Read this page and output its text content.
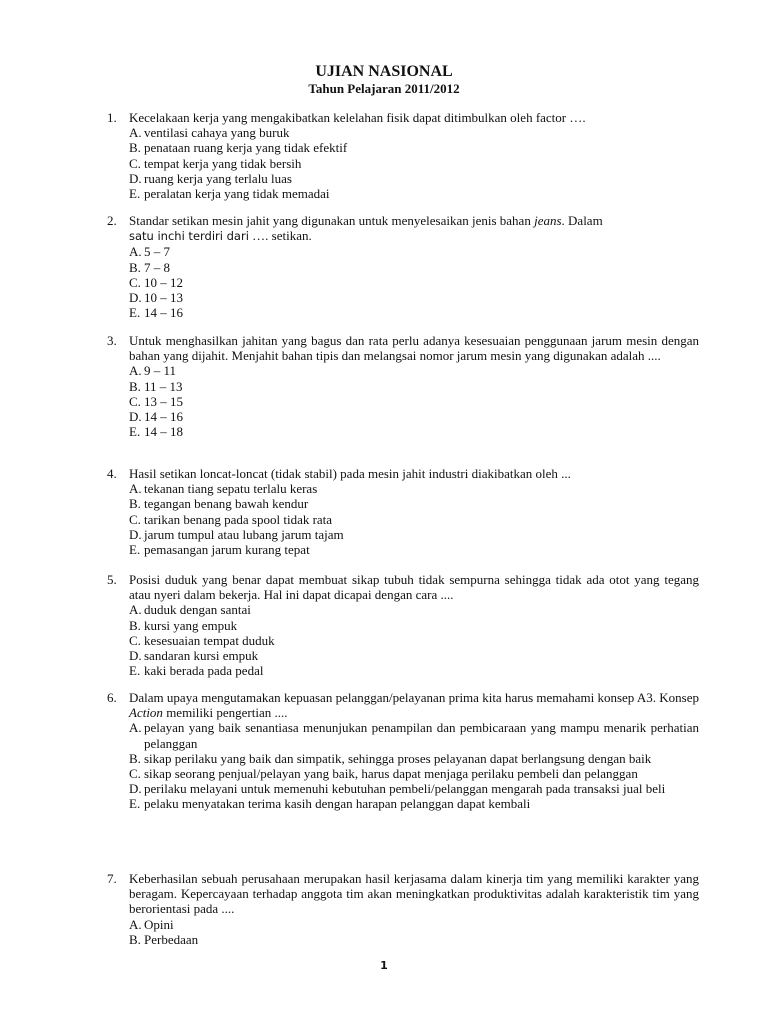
UJIAN NASIONAL
Tahun Pelajaran 2011/2012
1. Kecelakaan kerja yang mengakibatkan kelelahan fisik dapat ditimbulkan oleh factor ….
A. ventilasi cahaya yang buruk
B. penataan ruang kerja yang tidak efektif
C. tempat kerja yang tidak bersih
D. ruang kerja yang terlalu luas
E. peralatan kerja yang tidak memadai
2. Standar setikan mesin jahit yang digunakan untuk menyelesaikan jenis bahan jeans. Dalam
satu inchi terdiri dari …. setikan.
A. 5 – 7
B. 7 – 8
C. 10 – 12
D. 10 – 13
E. 14 – 16
3. Untuk menghasilkan jahitan yang bagus dan rata perlu adanya kesesuaian penggunaan jarum mesin dengan bahan yang dijahit. Menjahit bahan tipis dan melangsai nomor jarum mesin yang digunakan adalah ....
A. 9 – 11
B. 11 – 13
C. 13 – 15
D. 14 – 16
E. 14 – 18
4. Hasil setikan loncat-loncat (tidak stabil) pada mesin jahit industri diakibatkan oleh ...
A. tekanan tiang sepatu terlalu keras
B. tegangan benang bawah kendur
C. tarikan benang pada spool tidak rata
D. jarum tumpul atau lubang jarum tajam
E. pemasangan jarum kurang tepat
5. Posisi duduk yang benar dapat membuat sikap tubuh tidak sempurna sehingga tidak ada otot yang tegang atau nyeri dalam bekerja. Hal ini dapat dicapai dengan cara ....
A. duduk dengan santai
B. kursi yang empuk
C. kesesuaian tempat duduk
D. sandaran kursi empuk
E. kaki berada pada pedal
6. Dalam upaya mengutamakan kepuasan pelanggan/pelayanan prima kita harus memahami konsep A3. Konsep Action memiliki pengertian ....
A. pelayan yang baik senantiasa menunjukan penampilan dan pembicaraan yang mampu menarik perhatian pelanggan
B. sikap perilaku yang baik dan simpatik, sehingga proses pelayanan dapat berlangsung dengan baik
C. sikap seorang penjual/pelayan yang baik, harus dapat menjaga perilaku pembeli dan pelanggan
D. perilaku melayani untuk memenuhi kebutuhan pembeli/pelanggan mengarah pada transaksi jual beli
E. pelaku menyatakan terima kasih dengan harapan pelanggan dapat kembali
7. Keberhasilan sebuah perusahaan merupakan hasil kerjasama dalam kinerja tim yang memiliki karakter yang beragam. Kepercayaan terhadap anggota tim akan meningkatkan produktivitas adalah karakteristik tim yang berorientasi pada ....
A. Opini
B. Perbedaan
1
